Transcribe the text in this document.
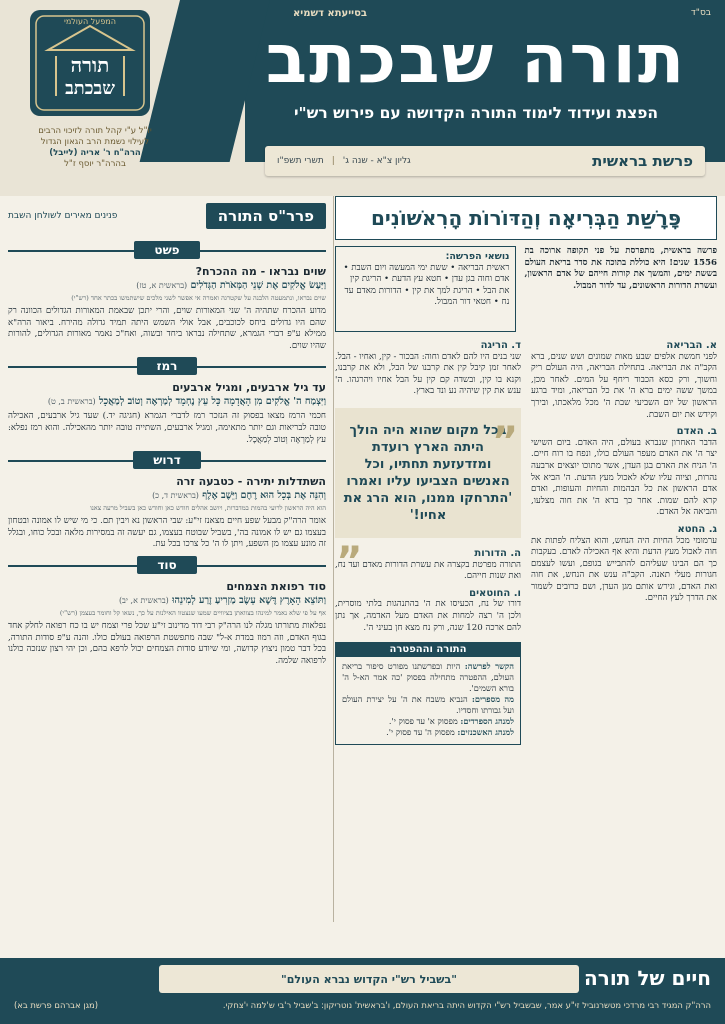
בס"ד
בסייעתא דשמיא
תורה שבכתב
הפצת ועידוד לימוד התורה הקדושה עם פירוש רש"י
פרשת בראשית
גליון צ"א - שנה ג'
|
תשרי תשפ"ו
המפעל העולמי
תורה
שבכתב
יו"ל ע"י קהל תורה לזיכוי הרבים
לעילוי נשמת הרב הגאון הגדול
הרה"ח ר' אריה (לייבל)
בהרה"ר יוסף ז"ל
פָּרָשַׁת הַבְּרִיאָה וְהַדּוֹרוֹת הָרִאשׁוֹנִים
פרשה בראשית, מתפרסת על פני תקופה ארוכה בת 1556 שנים! היא כוללת בתוכה את סדר בריאת העולם בששת ימים, והמשך את קורות חייהם של אדם הראשון, ועשרת הדורות הראשונים, עד לדור המבול.
נושאי הפרשה:
ראשית הבריאה • ששת ימי המעשה ויום השבת • אדם וחוה בגן עדן • חטא עץ הדעת • הריגת קין את הבל • הריגת למך את קין • הדורות מאדם עד נח • חטאי דור המבול.
א. הבריאה
לפני חמשת אלפים שבע מאות שמונים ושש שנים, ברא הקב"ה את הבריאה. בתחילת הבריאה, היה העולם ריק וחשוך, ורק כסא הכבוד ריחף על המים. לאחר מכן, במשך ששה ימים ברא ה' את כל הבריאה, ומיד ברגע הראשון של יום השביעי שבת ה' מכל מלאכתו, ובירך וקידש את יום השבת.
ב. האדם
הדבר האחרון שנברא בעולם, היה האדם. ביום השישי יצר ה' את האדם מעפר העולם כולו, ונפח בו רוח חיים. ה' הניח את האדם בגן העדן, אשר מתוכו יוצאים ארבעה נהרות, וציוה עליו שלא לאכול מעץ הדעת. ה' הביא אל אדם הראשון את כל הבהמות והחיות והעופות, ואדם קרא להם שמות. אחר כך ברא ה' את חוה מצלעו, והביאה אל האדם.
ג. החטא
ערמומי מכל החיות היה הנחש, והוא הצליח לפתות את חוה לאכול מעץ הדעת והיא אף האכילה לאדם. בעקבות כך הם הבינו שעליהם להתבייש בגופם, ועשו לעצמם חגורות מעלי תאנה. הקב"ה ענש את הנחש, את חוה ואת האדם, וגירש אותם מגן העדן, ושם כרובים לשמור את הדרך לעץ החיים.
ד. הריגה
שני בנים היו להם לאדם וחוה: הבכור - קין, ואחיו - הבל. לאחר זמן קיבל קין את קרבנו של הבל, ולא את קרבנו, וקנא בו קין, ובשדה קם קין על הבל אחיו ויהרגהו. ה' ענש את קין שיהיה נע ונד בארץ.
„
בכל מקום שהוא היה הולך היתה הארץ רועדת ומזדעזעת תחתיו, וכל האנשים הצביעו עליו ואמרו 'התרחקו ממנו, הוא הרג את אחיו!'
„	ה. הדורות
התורה מפרטת בקצרה את עשרת הדורות מאדם ועד נח, ואת שנות חייהם.
ו. החוטאים
דורו של נח, הכעיסו את ה' בהתנהגות בלתי מוסרית, ולכן ה' רצה למחות את האדם מעל האדמה, אך נתן להם ארכה 120 שנה, ורק נח מצא חן בעיני ה'.
התורה וההפטרה
הקשר לפרשה: היות ובפרשתנו מפורט סיפור בריאת העולם, ההפטרה מתחילה בפסוק 'כה אמר הא-ל ה' בורא השמים'.
מה מספרים: הנביא משבח את ה' על יצירת העולם ועל גבורתו וחסדיו.
למנהג הספרדים: מפסוק א' עד פסוק י'.
למנהג האשכנזים: מפסוק ה' עד פסוק י'.
פרר"ס התורה
פנינים מאירים לשולחן השבת
פשט
שוים נבראו - מה ההכרח?
וַיַּעַשׂ אֱלֹקִים אֶת שְׁנֵי הַמְּאֹרֹת הַגְּדֹלִים (בראשית א, טז)
שוים נבראו, ונתמעטה הלבנה על שקטרגה ואמרה אי אפשר לשני מלכים שישתמשו בכתר אחד (רש"י)
מדוע ההכרח שתהיה ה' שני המאורות שוים, והרי יתכן שבאמת המאורות הגדולים הכוונה רק שהם היו גדולים ביחס לכוכבים, אבל אולי השמש היתה תמיד גדולה מהירח. ביאור הרה"א ממילא ע"פ דברי הגמרא, שתחילה נבראו ביחד ובשוה, ואח"כ נאמר מאורות הגדולים, להורות שהיו שוים.
רמז
עד גיל ארבעים, ומגיל ארבעים
וַיִּצְמַח ה' אֱלֹקִים מִן הָאֲדָמָה כָּל עֵץ נֶחְמָד לְמַרְאֶה וְטוֹב לְמַאֲכָל (בראשית ב, ט)
חכמי הרמז מצאו בפסוק זה הנזכר רמז לדברי הגמרא (חגיגה יד.) שעד גיל ארבעים, האכילה טובה לבריאות וגם יותר מתאימה, ומגיל ארבעים, השתייה טובה יותר מהאכילה. והוא רמז נפלא: עץ לְמַרְאֶה וְטוֹב לְמַאֲכָל.
דרוש
השתדלות יתירה - כטבעה זרה
וְהִנֵּה אֶת בְּכָל הוּא רֶחֶם וַיֵּשֶׁב אֶלֶף (בראשית ד, כ)
הוא היה הראשון לרועי בהמות במדברות, ויושב אהלים חודש כאן וחודש כאן בשביל מרעה צאנו
אומר הרה"ק מבעל שפע חיים מצאנז זי"ע: שבי הראשון נא ויבין תם. כי מי שיש לו אמונה ובטחון בעצמו גם יש לו אמונה בה', בשביל שבוטח בעצמו, גם יעשה זה במסירות מלאה ובכל כוחו, ובגלל זה מונע עצמו מן השפע, ויתן לו ה' כל צרכו בכל עת.
סוד
סוד רפואת הצמחים
וַתּוֹצֵא הָאָרֶץ דֶּשֶׁא עֵשֶׂב מַזְרִיעַ זֶרַע לְמִינֵהוּ (בראשית א, יב)
אף על פי שלא נאמר למינהו בצוואתן בציוויים שמעו שנצטוו האילנות על כך, נשאו קל וחומר בעצמן (רש"י)
נפלאות מתורתו מגלה לנו הרה"ק רבי דוד מדינוב זי"ע שכל פרי וצמח יש בו כח רפואה לחלק אחד בגוף האדם, וזה רמוז במדת א-ל" שבה מתפשטת הרפואה בעולם כולו. והנה ע"פ סודות התורה, בכל דבר טמון ניצוץ קדושה, ומי שיודע סודות הצמחים יכול לרפא בהם, וכן יהי רצון שנזכה כולנו לרפואה שלמה.
חיים של תורה
"בשביל רש"י הקדוש נברא העולם"
הרה"ק המגיד רבי מרדכי מטשרנוביל זי"ע אמר, שבשביל רש"י הקדוש היתה בריאת העולם, ו'בראשית' נוטריקון: ב'שביל ר'בי ש'למה י'צחקי.
(מגן אברהם פרשת בא)
